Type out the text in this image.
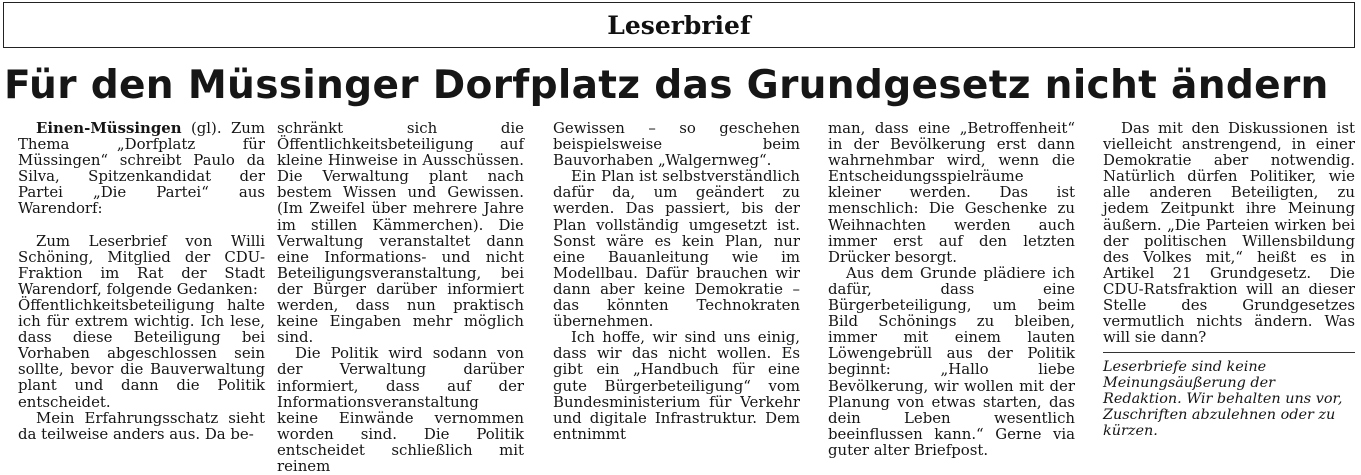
Leserbrief
Für den Müssinger Dorfplatz das Grundgesetz nicht ändern

Einen-Müssingen (gl). Zum Thema „Dorfplatz für Müssingen“ schreibt Paulo da Silva, Spitzenkandidat der Partei „Die Partei“ aus Warendorf:

Zum Leserbrief von Willi Schöning, Mitglied der CDU-Fraktion im Rat der Stadt Warendorf, folgende Gedanken:

Öffentlichkeitsbeteiligung halte ich für extrem wichtig. Ich lese, dass diese Beteiligung bei Vorhaben abgeschlossen sein sollte, bevor die Bauverwaltung plant und dann die Politik entscheidet.

Mein Erfahrungsschatz sieht da teilweise anders aus. Da be-

schränkt sich die Öffentlichkeitsbeteiligung auf kleine Hinweise in Ausschüssen. Die Verwaltung plant nach bestem Wissen und Gewissen. (Im Zweifel über mehrere Jahre im stillen Kämmerchen). Die Verwaltung veranstaltet dann eine Informations- und nicht Beteiligungsveranstaltung, bei der Bürger darüber informiert werden, dass nun praktisch keine Eingaben mehr möglich sind.

Die Politik wird sodann von der Verwaltung darüber informiert, dass auf der Informationsveranstaltung keine Einwände vernommen worden sind. Die Politik entscheidet schließlich mit reinem

Gewissen – so geschehen beispielsweise beim Bauvorhaben „Walgernweg“.

Ein Plan ist selbstverständlich dafür da, um geändert zu werden. Das passiert, bis der Plan vollständig umgesetzt ist. Sonst wäre es kein Plan, nur eine Bauanleitung wie im Modellbau. Dafür brauchen wir dann aber keine Demokratie – das könnten Technokraten übernehmen.

Ich hoffe, wir sind uns einig, dass wir das nicht wollen. Es gibt ein „Handbuch für eine gute Bürgerbeteiligung“ vom Bundesministerium für Verkehr und digitale Infrastruktur. Dem entnimmt

man, dass eine „Betroffenheit“ in der Bevölkerung erst dann wahrnehmbar wird, wenn die Entscheidungsspielräume kleiner werden. Das ist menschlich: Die Geschenke zu Weihnachten werden auch immer erst auf den letzten Drücker besorgt.

Aus dem Grunde plädiere ich dafür, dass eine Bürgerbeteiligung, um beim Bild Schönings zu bleiben, immer mit einem lauten Löwengebrüll aus der Politik beginnt: „Hallo liebe Bevölkerung, wir wollen mit der Planung von etwas starten, das dein Leben wesentlich beeinflussen kann.“ Gerne via guter alter Briefpost.

Das mit den Diskussionen ist vielleicht anstrengend, in einer Demokratie aber notwendig. Natürlich dürfen Politiker, wie alle anderen Beteiligten, zu jedem Zeitpunkt ihre Meinung äußern. „Die Parteien wirken bei der politischen Willensbildung des Volkes mit,“ heißt es in Artikel 21 Grundgesetz. Die CDU-Ratsfraktion will an dieser Stelle des Grundgesetzes vermutlich nichts ändern. Was will sie dann?

Leserbriefe sind keine Meinungsäußerung der Redaktion. Wir behalten uns vor, Zuschriften abzulehnen oder zu kürzen.
